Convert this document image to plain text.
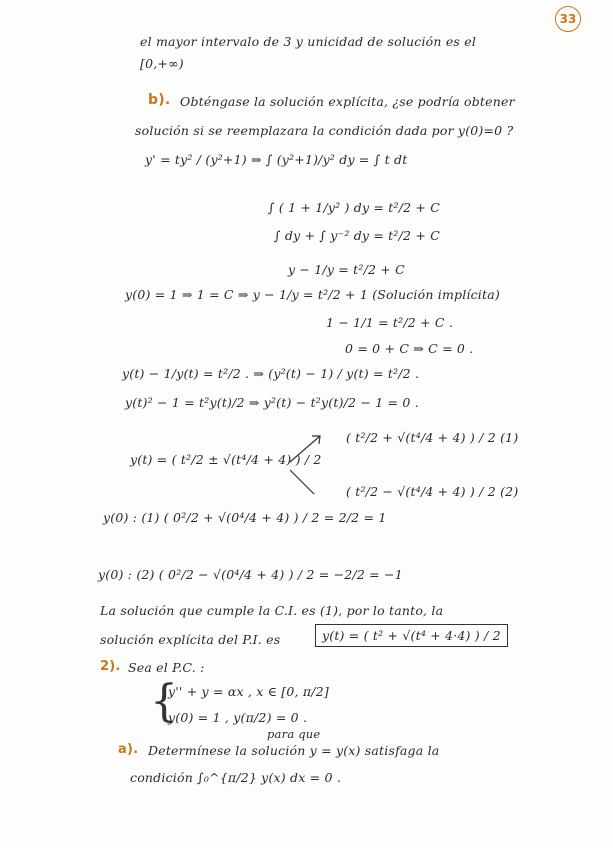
33
el mayor intervalo de 3 y unicidad de solución es el
[0,+∞)
b). Obténgase la solución explícita, ¿se podría obtener
solución si se reemplazara la condición dada por y(0)=0 ?
y' = ty² / (y²+1) ⇒ ∫ (y²+1)/y² dy = ∫ t dt
∫ ( 1 + 1/y² ) dy = t²/2 + C
∫ dy + ∫ y⁻² dy = t²/2 + C
y − 1/y = t²/2 + C
y(0) = 1 ⇒ 1 = C ⇒ y − 1/y = t²/2 + 1 (Solución implícita)
1 − 1/1 = t²/2 + C .
0 = 0 + C ⇒ C = 0 .
y(t) − 1/y(t) = t²/2 . ⇒ (y²(t) − 1) / y(t) = t²/2 .
y(t)² − 1 = t²y(t)/2 ⇒ y²(t) − t²y(t)/2 − 1 = 0 .
y(t) = ( t²/2 ± √(t⁴/4 + 4) ) / 2
( t²/2 + √(t⁴/4 + 4) ) / 2 (1)
( t²/2 − √(t⁴/4 + 4) ) / 2 (2)
y(0) : (1) ( 0²/2 + √(0⁴/4 + 4) ) / 2 = 2/2 = 1
y(0) : (2) ( 0²/2 − √(0⁴/4 + 4) ) / 2 = −2/2 = −1
La solución que cumple la C.I. es (1), por lo tanto, la
solución explícita del P.I. es	y(t) = ( t² + √(t⁴ + 4·4) ) / 2
2). Sea el P.C. :
{
y'' + y = αx , x ∈ [0, π/2]
y(0) = 1 , y(π/2) = 0 .
para que
a). Determínese la solución y = y(x) satisfaga la
condición ∫₀^{π/2} y(x) dx = 0 .
